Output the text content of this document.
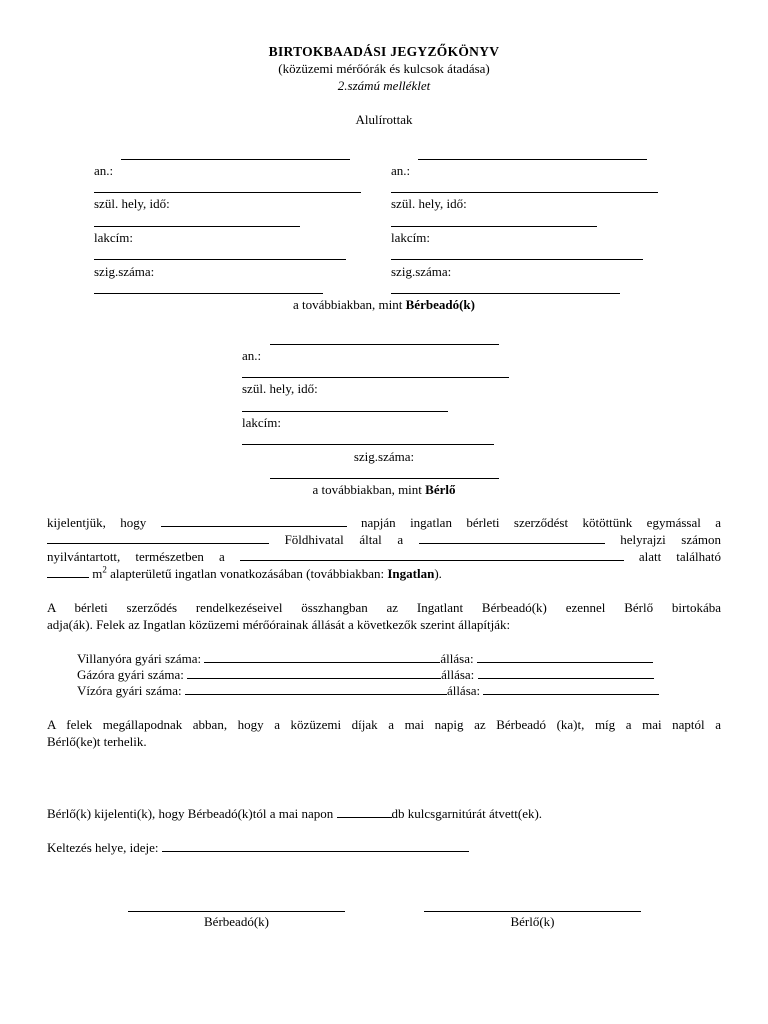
BIRTOKBAADÁSI JEGYZŐKÖNYV
(közüzemi mérőórák és kulcsok átadása)
2.számú melléklet
Alulírottak
an.:
szül. hely, idő:
lakcím:
szig.száma:
an.:
szül. hely, idő:
lakcím:
szig.száma:
a továbbiakban, mint Bérbeadó(k)
an.:
szül. hely, idő:
lakcím:
szig.száma:
a továbbiakban, mint Bérlő
kijelentjük, hogy	napján ingatlan bérleti szerződést kötöttünk egymással a
Földhivatal által a	helyrajzi számon
nyilvántartott, természetben a	alatt található
$m^2$ alapterületű ingatlan vonatkozásában (továbbiakban: Ingatlan).
A bérleti szerződés rendelkezéseivel összhangban az Ingatlant Bérbeadó(k) ezennel Bérlő birtokába
adja(ák). Felek az Ingatlan közüzemi mérőórainak állását a következők szerint állapítják:
Villanyóra gyári száma:	állása:
Gázóra gyári száma:	állása:
Vízóra gyári száma:	állása:
A felek megállapodnak abban, hogy a közüzemi díjak a mai napig az Bérbeadó (ka)t, míg a mai naptól a
Bérlő(ke)t terhelik.
Bérlő(k) kijelenti(k), hogy Bérbeadó(k)tól a mai napon	db kulcsgarnitúrát átvett(ek).
Keltezés helye, ideje:
Bérbeadó(k)	Bérlő(k)
